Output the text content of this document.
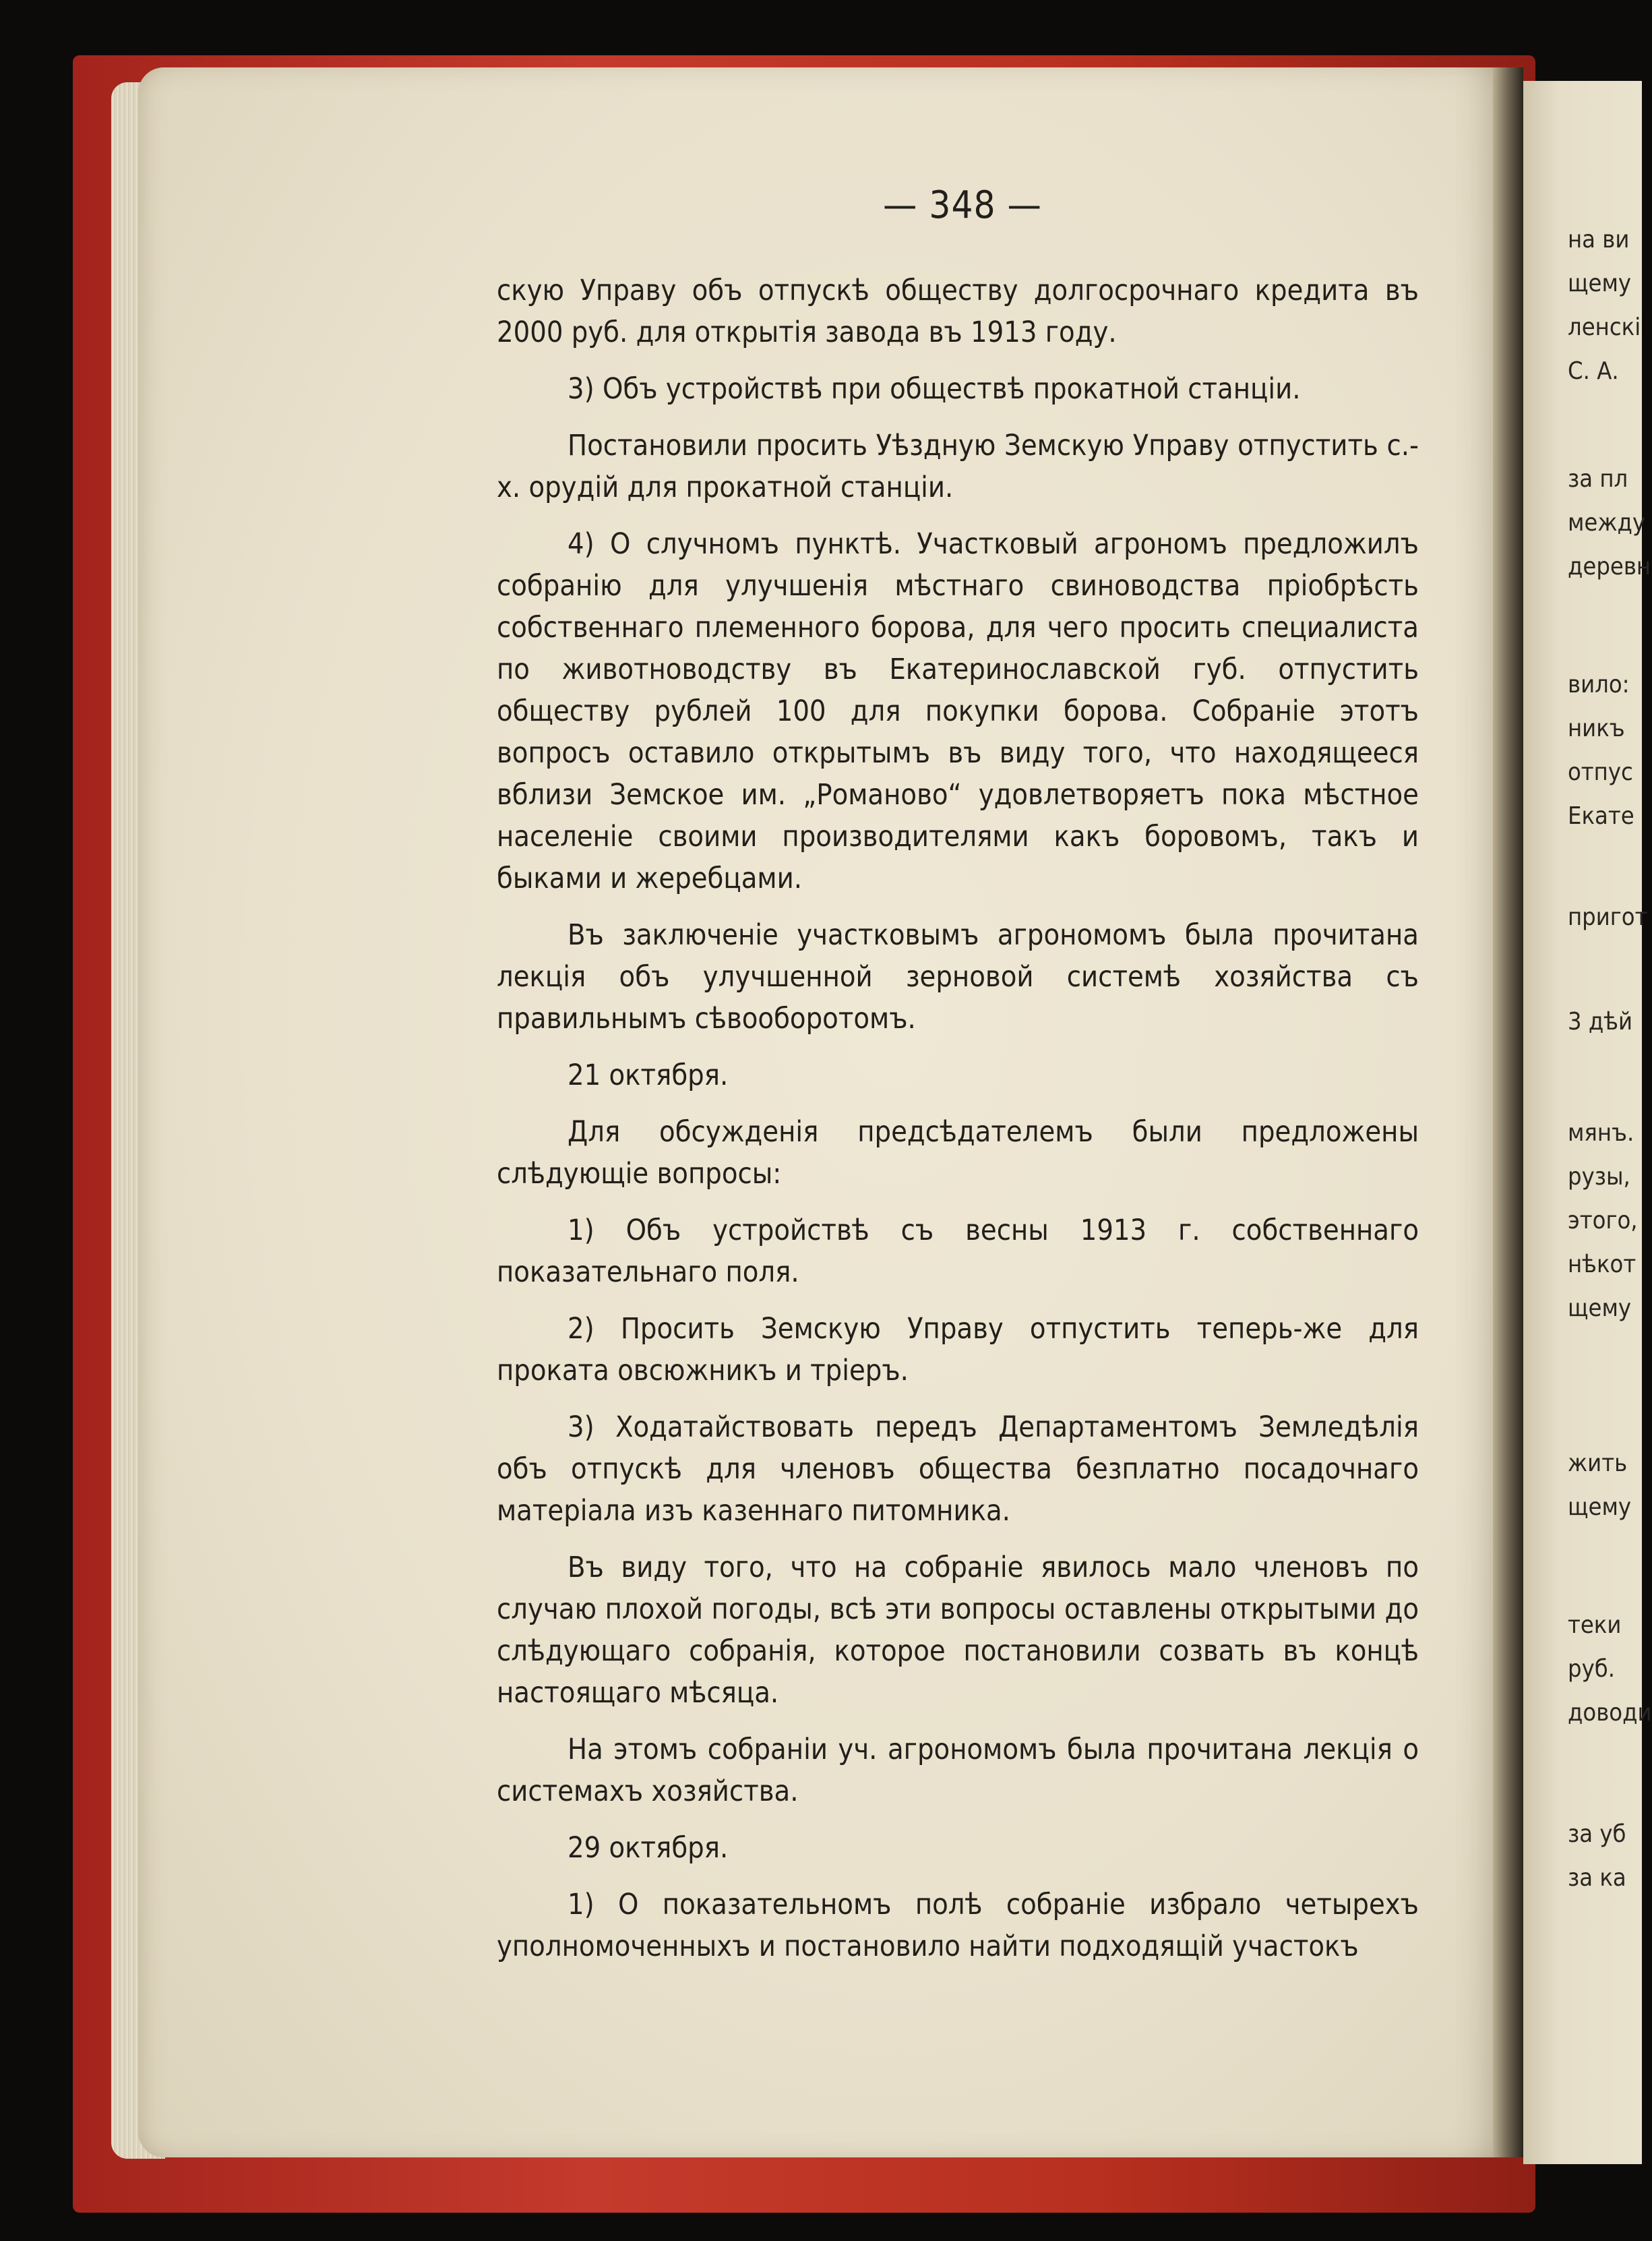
на ви
щему
ленскі
С. А.
за пл
между
деревн
вило:
никъ
отпус
Екате
пригот
3 дѣй
мянъ.
рузы,
этого,
нѣкот
щему
жить
щему
теки
руб.
доводи
за уб
за ка
— 348 —

скую Управу объ отпускѣ обществу долгосрочнаго кредита въ 2000 руб. для открытія завода въ 1913 году.

3) Объ устройствѣ при обществѣ прокатной станціи.

Постановили просить Уѣздную Земскую Управу отпустить с.-х. орудій для прокатной станціи.

4) О случномъ пунктѣ. Участковый агрономъ предложилъ собранію для улучшенія мѣстнаго свиноводства пріобрѣсть собственнаго племенного борова, для чего просить специалиста по животноводству въ Екатеринославской губ. отпустить обществу рублей 100 для покупки борова. Собраніе этотъ вопросъ оставило открытымъ въ виду того, что находящееся вблизи Земское им. „Романово“ удовлетворяетъ пока мѣстное населеніе своими производителями какъ боровомъ, такъ и быками и жеребцами.

Въ заключеніе участковымъ агрономомъ была прочитана лекція объ улучшенной зерновой системѣ хозяйства съ правильнымъ сѣвооборотомъ.

21 октября.

Для обсужденія предсѣдателемъ были предложены слѣдующіе вопросы:

1) Объ устройствѣ съ весны 1913 г. собственнаго показательнаго поля.

2) Просить Земскую Управу отпустить теперь-же для проката овсюжникъ и тріеръ.

3) Ходатайствовать передъ Департаментомъ Земледѣлія объ отпускѣ для членовъ общества безплатно посадочнаго матеріала изъ казеннаго питомника.

Въ виду того, что на собраніе явилось мало членовъ по случаю плохой погоды, всѣ эти вопросы оставлены открытыми до слѣдующаго собранія, которое постановили созвать въ концѣ настоящаго мѣсяца.

На этомъ собраніи уч. агрономомъ была прочитана лекція о системахъ хозяйства.

29 октября.

1) О показательномъ полѣ собраніе избрало четырехъ уполномоченныхъ и постановило найти подходящій участокъ
